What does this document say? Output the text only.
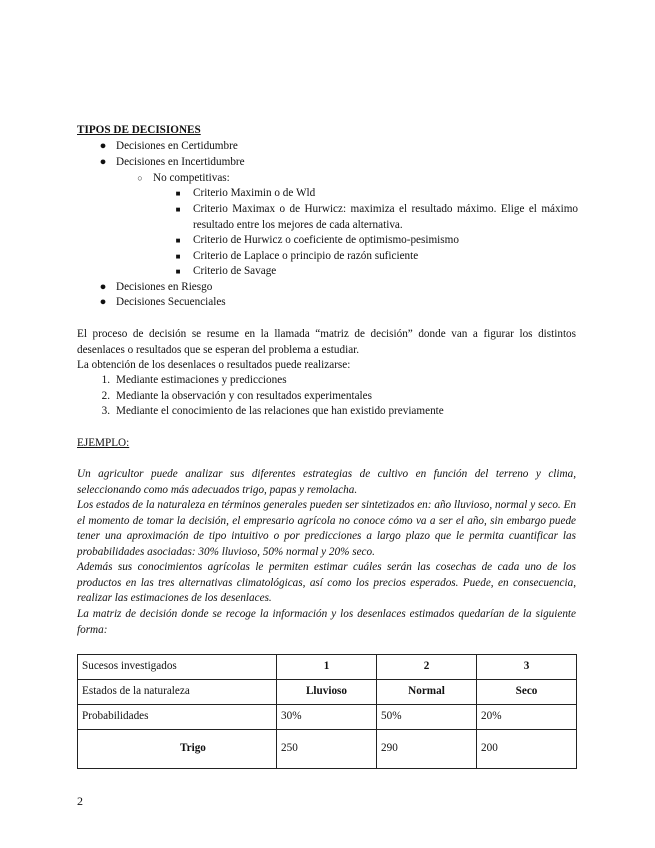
TIPOS DE DECISIONES
● Decisiones en Certidumbre
● Decisiones en Incertidumbre
○ No competitivas:
■	Criterio Maximin o de Wld
■	Criterio Maximax o de Hurwicz: maximiza el resultado máximo. Elige el máximo resultado entre los mejores de cada alternativa.
■	Criterio de Hurwicz o coeficiente de optimismo-pesimismo
■	Criterio de Laplace o principio de razón suficiente
■	Criterio de Savage
● Decisiones en Riesgo
● Decisiones Secuenciales
El proceso de decisión se resume en la llamada “matriz de decisión” donde van a figurar los distintos desenlaces o resultados que se esperan del problema a estudiar.
La obtención de los desenlaces o resultados puede realizarse:
1. Mediante estimaciones y predicciones
2. Mediante la observación y con resultados experimentales
3. Mediante el conocimiento de las relaciones que han existido previamente
EJEMPLO:
Un agricultor puede analizar sus diferentes estrategias de cultivo en función del terreno y clima, seleccionando como más adecuados trigo, papas y remolacha.
Los estados de la naturaleza en términos generales pueden ser sintetizados en: año lluvioso, normal y seco. En el momento de tomar la decisión, el empresario agrícola no conoce cómo va a ser el año, sin embargo puede tener una aproximación de tipo intuitivo o por predicciones a largo plazo que le permita cuantificar las probabilidades asociadas: 30% lluvioso, 50% normal y 20% seco.
Además sus conocimientos agrícolas le permiten estimar cuáles serán las cosechas de cada uno de los productos en las tres alternativas climatológicas, así como los precios esperados. Puede, en consecuencia, realizar las estimaciones de los desenlaces.
La matriz de decisión donde se recoge la información y los desenlaces estimados quedarían de la siguiente forma:
Sucesos investigados	1	2	3
Estados de la naturaleza	Lluvioso	Normal	Seco
Probabilidades	30%	50%	20%
Trigo	250	290	200
2
